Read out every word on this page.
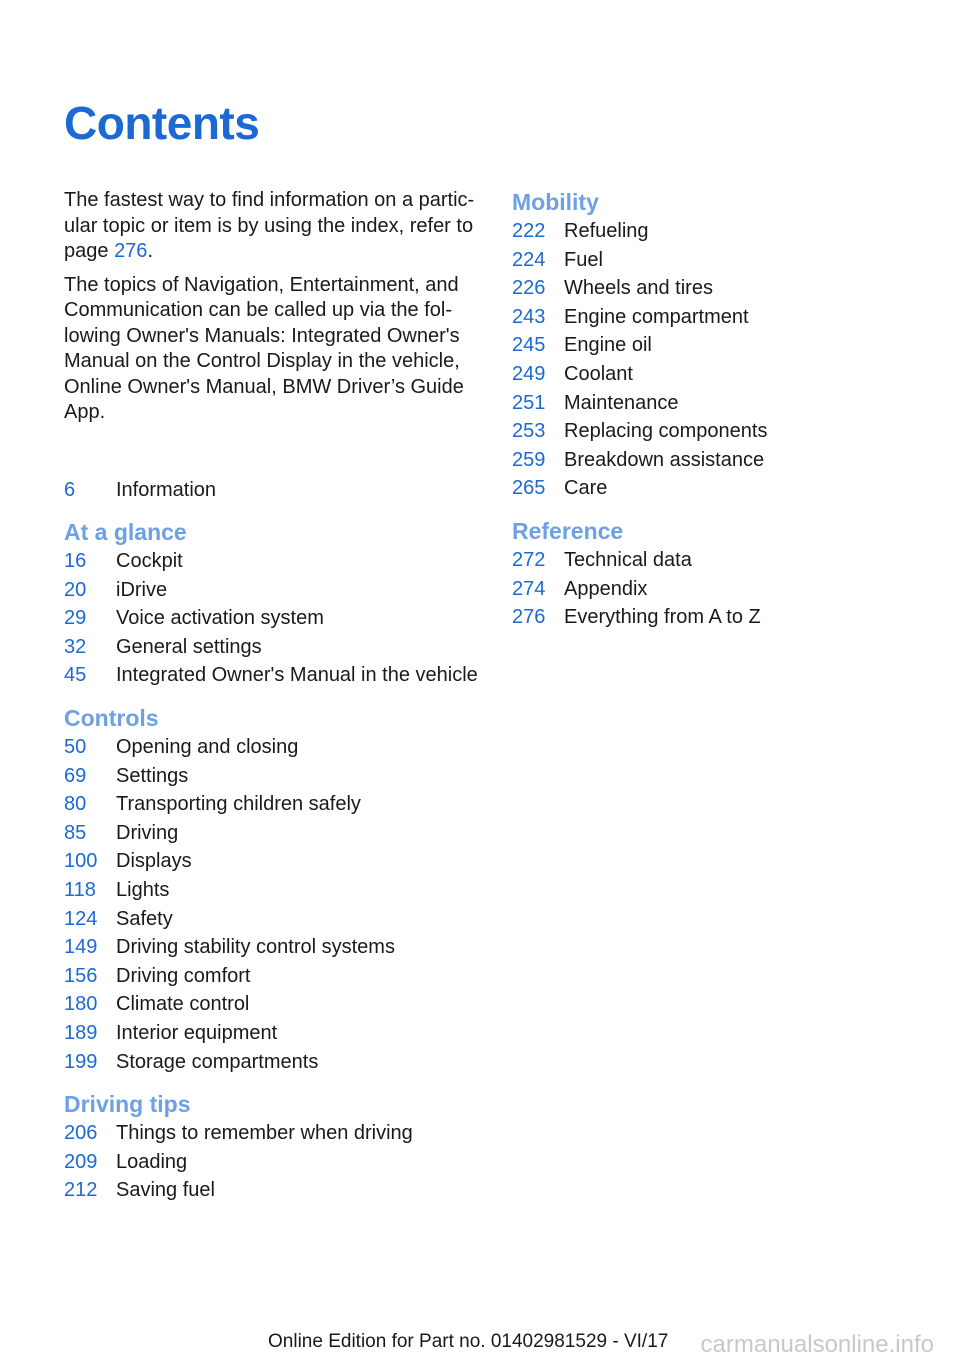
Contents

The fastest way to find information on a partic-ular topic or item is by using the index, refer to page 276.

The topics of Navigation, Entertainment, and Communication can be called up via the fol-lowing Owner's Manuals: Integrated Owner's Manual on the Control Display in the vehicle, Online Owner's Manual, BMW Driver’s Guide App.

6	Information
At a glance
16	Cockpit
20	iDrive
29	Voice activation system
32	General settings
45	Integrated Owner's Manual in the vehicle
Controls
50	Opening and closing
69	Settings
80	Transporting children safely
85	Driving
100 Displays
118	Lights
124 Safety
149 Driving stability control systems
156 Driving comfort
180 Climate control
189 Interior equipment
199 Storage compartments
Driving tips
206 Things to remember when driving
209 Loading
212 Saving fuel
Mobility
222 Refueling
224 Fuel
226 Wheels and tires
243 Engine compartment
245 Engine oil
249 Coolant
251 Maintenance
253 Replacing components
259 Breakdown assistance
265 Care
Reference
272 Technical data
274 Appendix
276 Everything from A to Z
Online Edition for Part no. 01402981529 - VI/17 carmanualsonline.info
